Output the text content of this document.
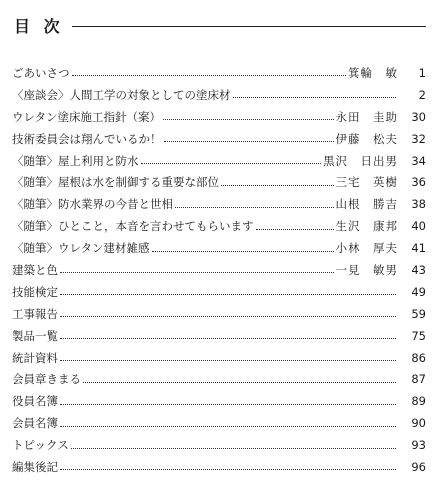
目 次
ごあいさつ	箕輪　敏	1
〈座談会〉人間工学の対象としての塗床材	2
ウレタン塗床施工指針（案）	永田　圭助	30
技術委員会は翔んでいるか！	伊藤　松夫	32
〈随筆〉屋上利用と防水	黒沢　日出男	34
〈随筆〉屋根は水を制御する重要な部位	三宅　英樹	36
〈随筆〉防水業界の今昔と世相	山根　勝吉	38
〈随筆〉ひとこと，本音を言わせてもらいます	生沢　康邦	40
〈随筆〉ウレタン建材雑感	小林　厚夫	41
建築と色	一見　敏男	43
技能検定	49
工事報告	59
製品一覧	75
統計資料	86
会員章きまる	87
役員名簿	89
会員名簿	90
トピックス	93
編集後記	96
